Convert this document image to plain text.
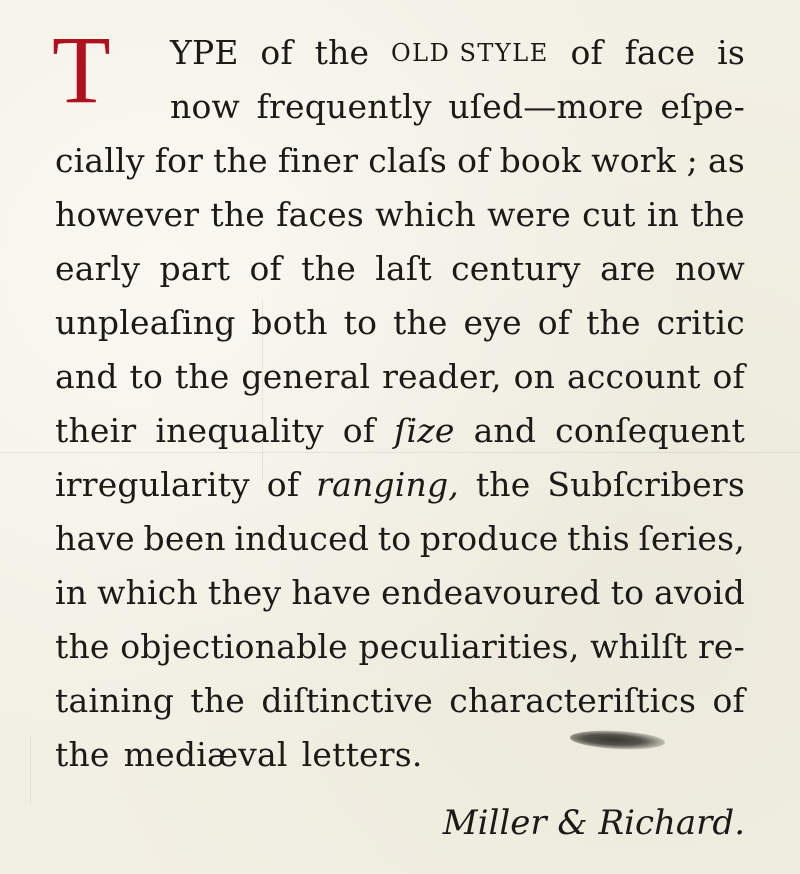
T YPE of the OLD STYLE of face is
now frequently uſed—more eſpe-
cially for the finer claſs of book work ; as
however the faces which were cut in the
early part of the laſt century are now
unpleaſing both to the eye of the critic
and to the general reader, on account of
their inequality of ſize and conſequent
irregularity of ranging, the Subſcribers
have been induced to produce this ſeries,
in which they have endeavoured to avoid
the objectionable peculiarities, whilſt re-
taining the diſtinctive characteriſtics of
the mediæval letters.
Miller & Richard.
